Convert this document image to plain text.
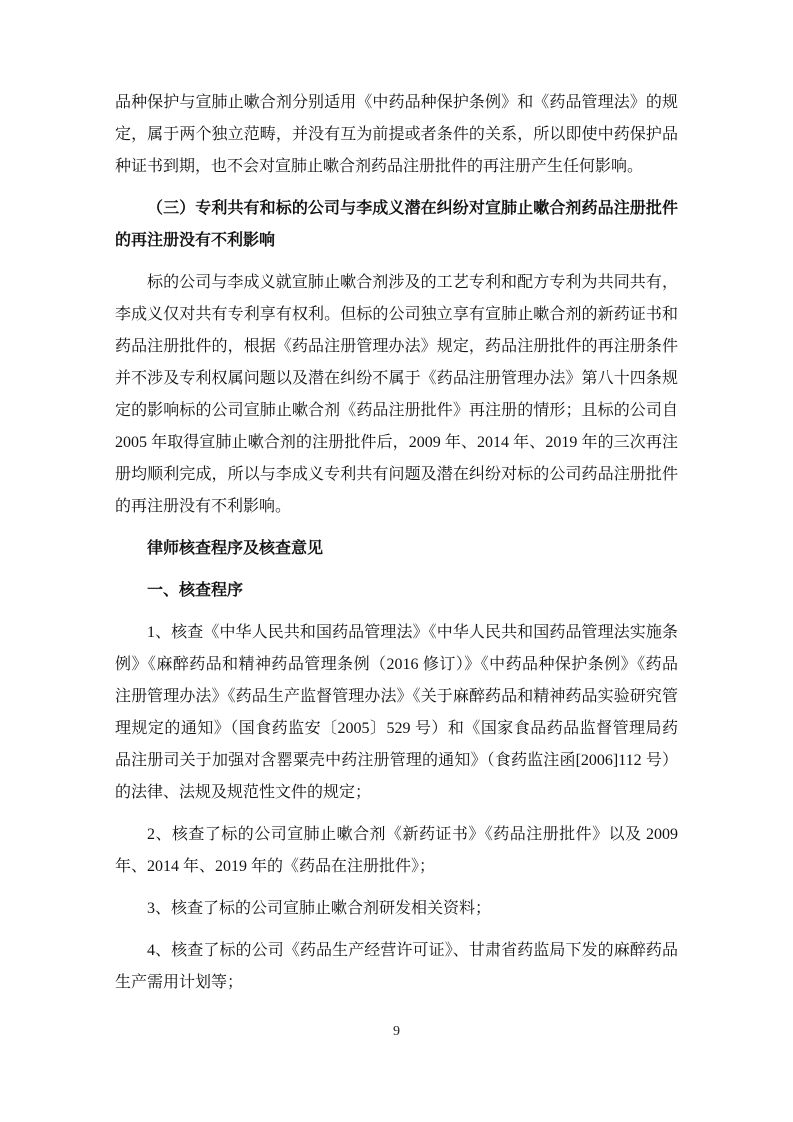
品种保护与宣肺止嗽合剂分别适用《中药品种保护条例》和《药品管理法》的规定，属于两个独立范畴，并没有互为前提或者条件的关系，所以即使中药保护品种证书到期，也不会对宣肺止嗽合剂药品注册批件的再注册产生任何影响。

（三）专利共有和标的公司与李成义潜在纠纷对宣肺止嗽合剂药品注册批件的再注册没有不利影响

标的公司与李成义就宣肺止嗽合剂涉及的工艺专利和配方专利为共同共有，李成义仅对共有专利享有权利。但标的公司独立享有宣肺止嗽合剂的新药证书和药品注册批件的，根据《药品注册管理办法》规定，药品注册批件的再注册条件并不涉及专利权属问题以及潜在纠纷不属于《药品注册管理办法》第八十四条规定的影响标的公司宣肺止嗽合剂《药品注册批件》再注册的情形；且标的公司自 2005 年取得宣肺止嗽合剂的注册批件后，2009 年、2014 年、2019 年的三次再注册均顺利完成，所以与李成义专利共有问题及潜在纠纷对标的公司药品注册批件的再注册没有不利影响。

律师核查程序及核查意见

一、核查程序

1、核查《中华人民共和国药品管理法》《中华人民共和国药品管理法实施条例》《麻醉药品和精神药品管理条例（2016 修订）》《中药品种保护条例》《药品注册管理办法》《药品生产监督管理办法》《关于麻醉药品和精神药品实验研究管理规定的通知》（国食药监安〔2005〕529 号）和《国家食品药品监督管理局药品注册司关于加强对含罂粟壳中药注册管理的通知》（食药监注函[2006]112 号）的法律、法规及规范性文件的规定；

2、核查了标的公司宣肺止嗽合剂《新药证书》《药品注册批件》以及 2009 年、2014 年、2019 年的《药品在注册批件》；

3、核查了标的公司宣肺止嗽合剂研发相关资料；

4、核查了标的公司《药品生产经营许可证》、甘肃省药监局下发的麻醉药品生产需用计划等；

9
